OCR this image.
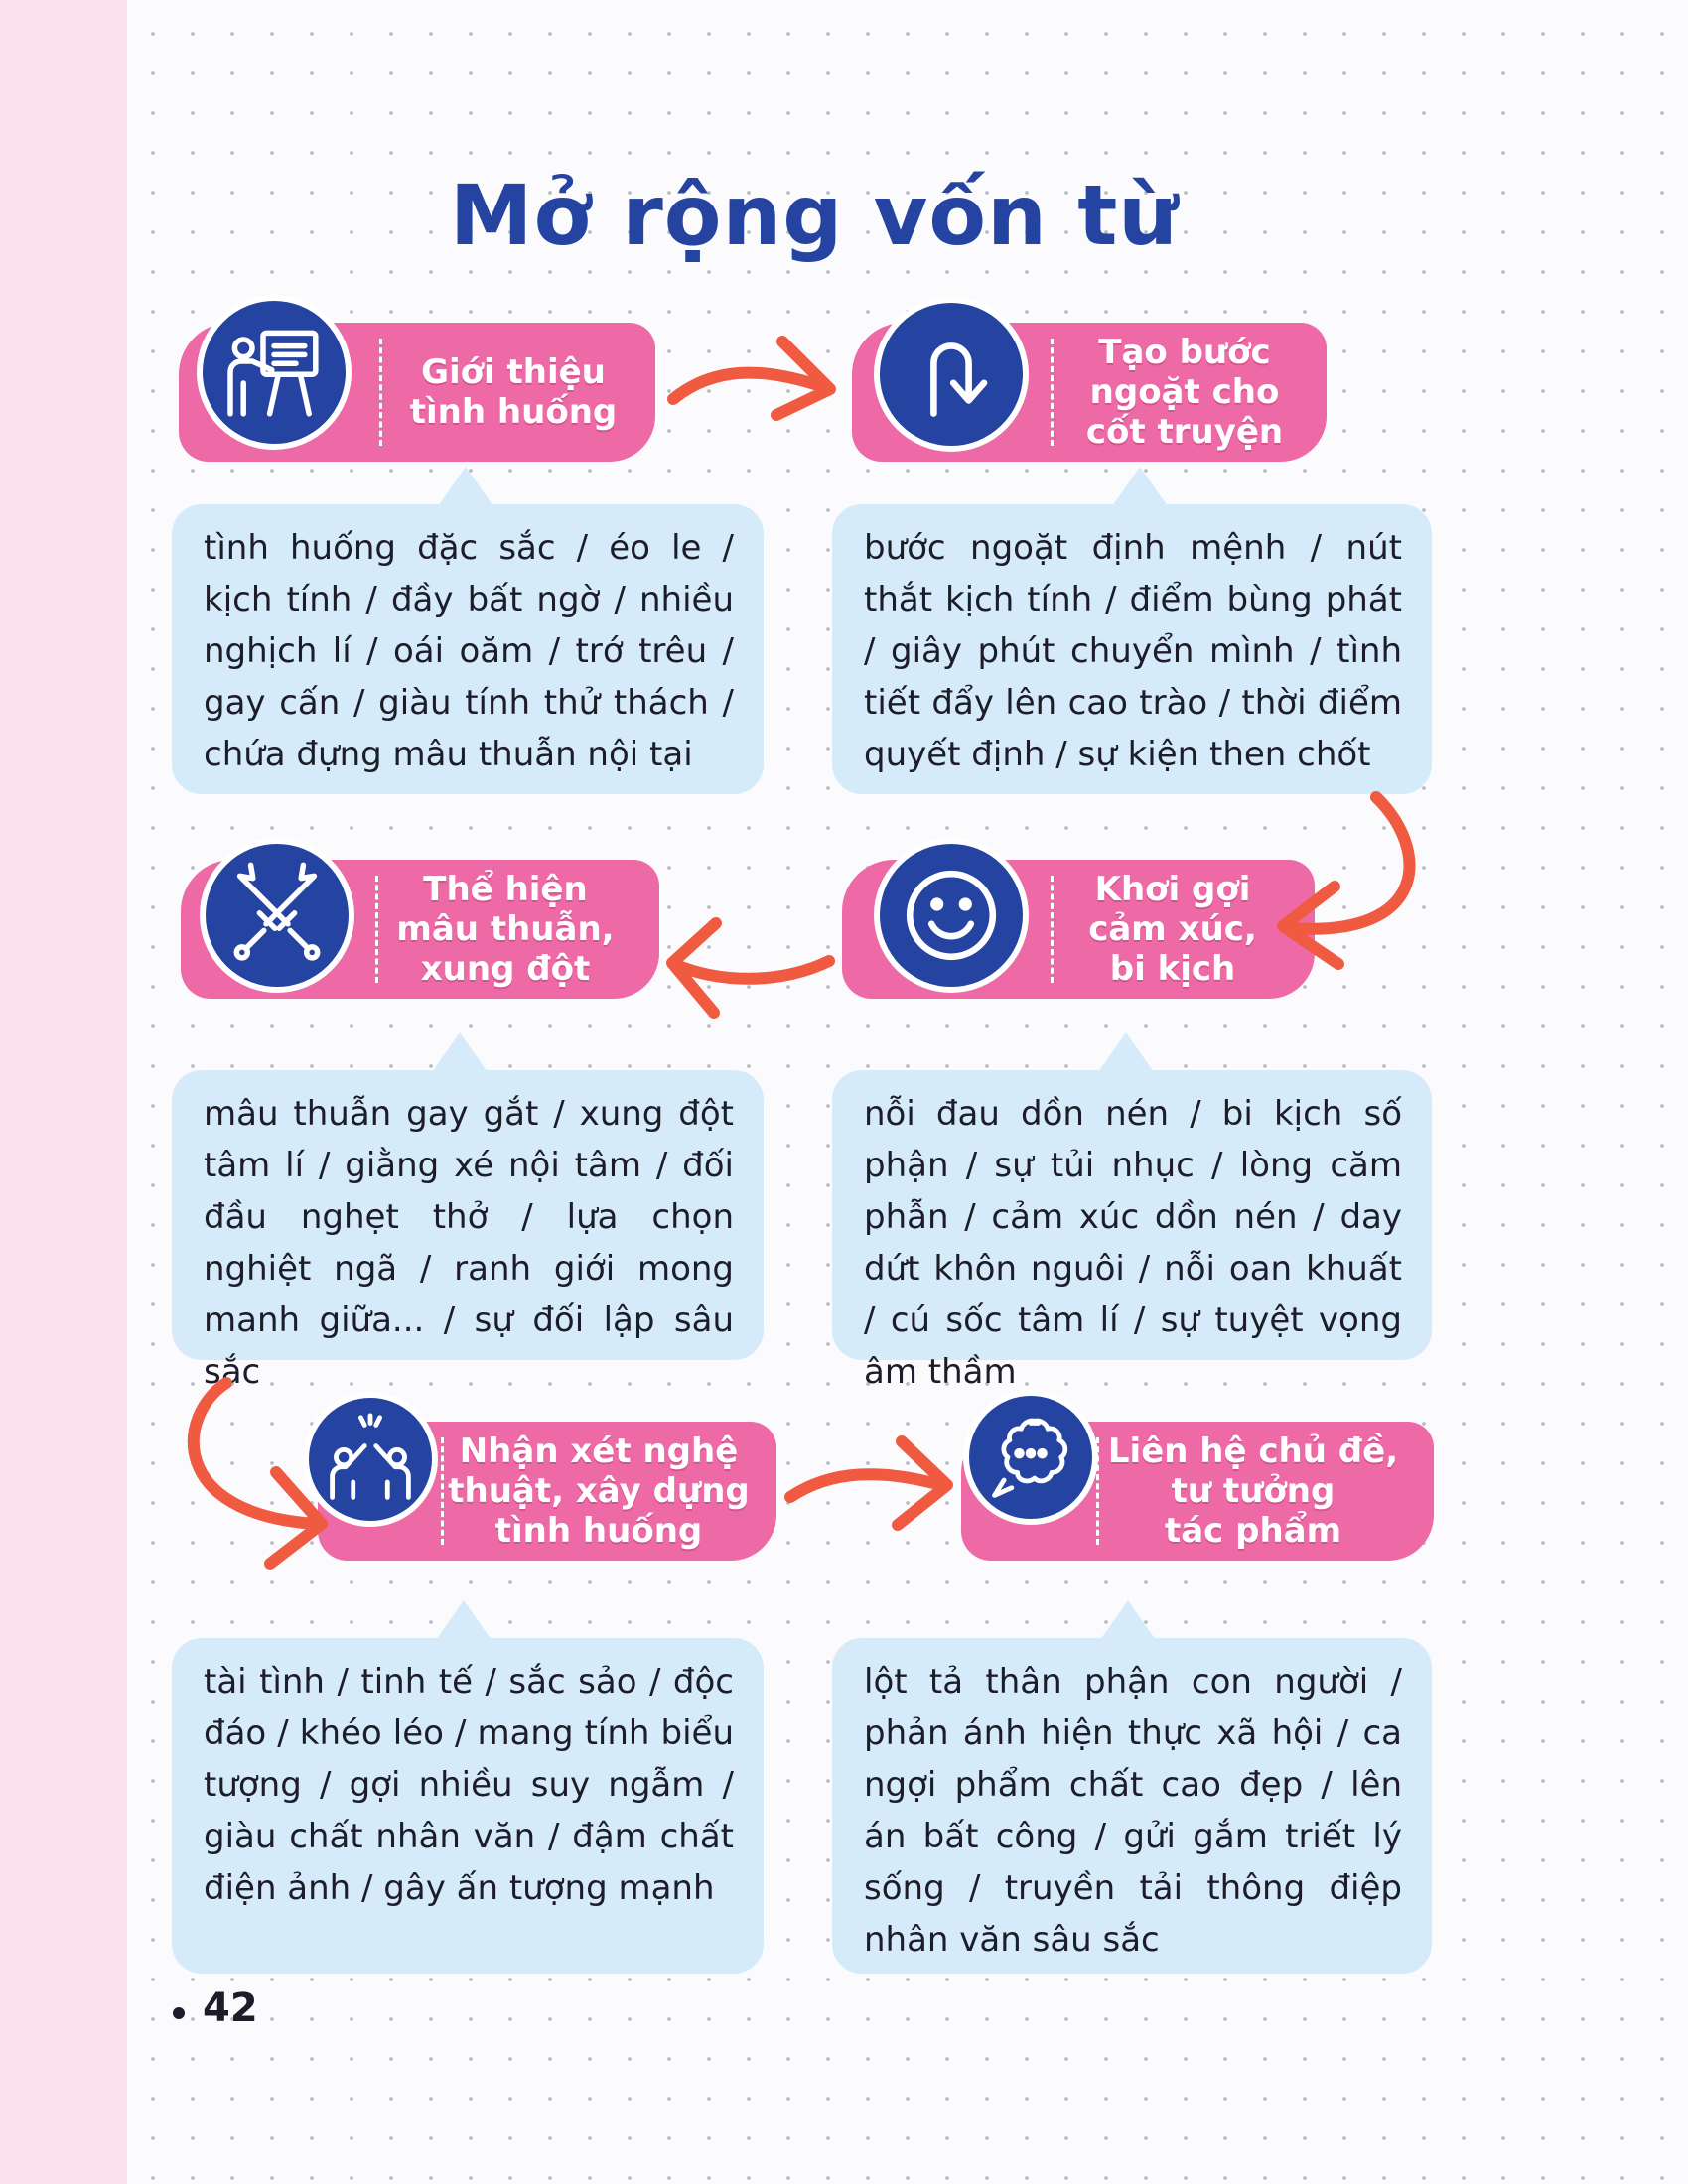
Mở rộng vốn từ
Giới thiệu
tình huống

tình huống đặc sắc / éo le / kịch tính / đầy bất ngờ / nhiều nghịch lí / oái oăm / trớ trêu / gay cấn / giàu tính thử thách / chứa đựng mâu thuẫn nội tại

Tạo bước
ngoặt cho
cốt truyện

bước ngoặt định mệnh / nút thắt kịch tính / điểm bùng phát / giây phút chuyển mình / tình tiết đẩy lên cao trào / thời điểm quyết định / sự kiện then chốt

Thể hiện
mâu thuẫn,
xung đột

mâu thuẫn gay gắt / xung đột tâm lí / giằng xé nội tâm / đối đầu nghẹt thở / lựa chọn nghiệt ngã / ranh giới mong manh giữa... / sự đối lập sâu sắc

Khơi gợi
cảm xúc,
bi kịch

nỗi đau dồn nén / bi kịch số phận / sự tủi nhục / lòng căm phẫn / cảm xúc dồn nén / day dứt khôn nguôi / nỗi oan khuất / cú sốc tâm lí / sự tuyệt vọng âm thầm

Nhận xét nghệ
thuật, xây dựng
tình huống

tài tình / tinh tế / sắc sảo / độc đáo / khéo léo / mang tính biểu tượng / gợi nhiều suy ngẫm / giàu chất nhân văn / đậm chất điện ảnh / gây ấn tượng mạnh

Liên hệ chủ đề,
tư tưởng
tác phẩm

lột tả thân phận con người / phản ánh hiện thực xã hội / ca ngợi phẩm chất cao đẹp / lên án bất công / gửi gắm triết lý sống / truyền tải thông điệp nhân văn sâu sắc

42
